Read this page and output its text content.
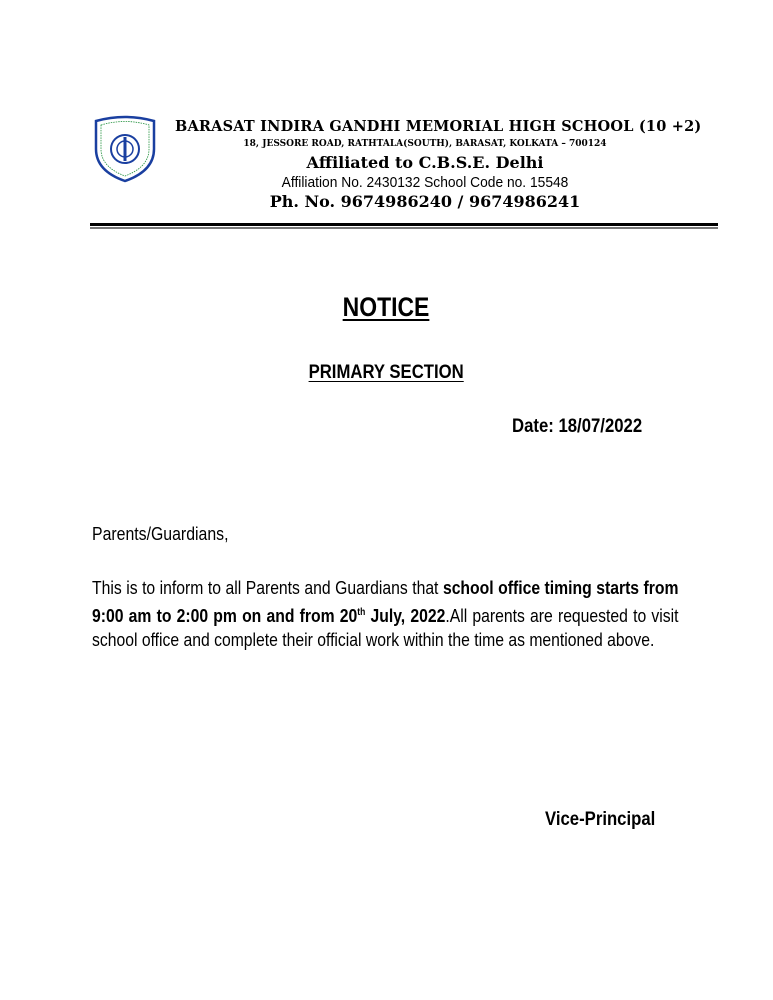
BARASAT INDIRA GANDHI MEMORIAL HIGH SCHOOL (10 +2)
18, JESSORE ROAD, RATHTALA(SOUTH), BARASAT, KOLKATA – 700124
Affiliated to C.B.S.E. Delhi
Affiliation No. 2430132 School Code no. 15548
Ph. No. 9674986240 / 9674986241
NOTICE
PRIMARY SECTION
Date: 18/07/2022
Parents/Guardians,
This is to inform to all Parents and Guardians that school office timing starts from 9:00 am to 2:00 pm on and from 20th July, 2022.All parents are requested to visit school office and complete their official work within the time as mentioned above.
Vice-Principal
